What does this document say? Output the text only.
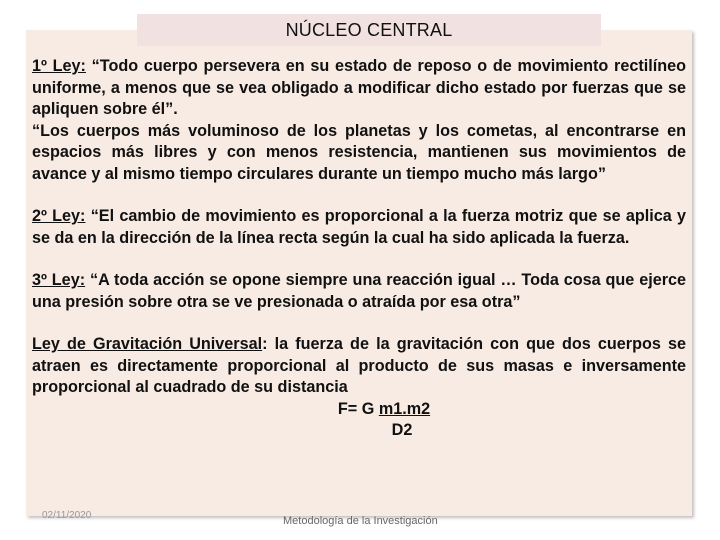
NÚCLEO CENTRAL

1º Ley: “Todo cuerpo persevera en su estado de reposo o de movimiento rectilíneo uniforme, a menos que se vea obligado a modificar dicho estado por fuerzas que se apliquen sobre él”.

“Los cuerpos más voluminoso de los planetas y los cometas, al encontrarse en espacios más libres y con menos resistencia, mantienen sus movimientos de avance y al mismo tiempo circulares durante un tiempo mucho más largo”

2º Ley: “El cambio de movimiento es proporcional a la fuerza motriz que se aplica y se da en la dirección de la línea recta según la cual ha sido aplicada la fuerza.

3º Ley: “A toda acción se opone siempre una reacción igual … Toda cosa que ejerce una presión sobre otra se ve presionada o atraída por esa otra”

Ley de Gravitación Universal: la fuerza de la gravitación con que dos cuerpos se atraen es directamente proporcional al producto de sus masas e inversamente proporcional al cuadrado de su distancia

F= G m1.m2

D2

02/11/2020	Metodología de la Investigación
